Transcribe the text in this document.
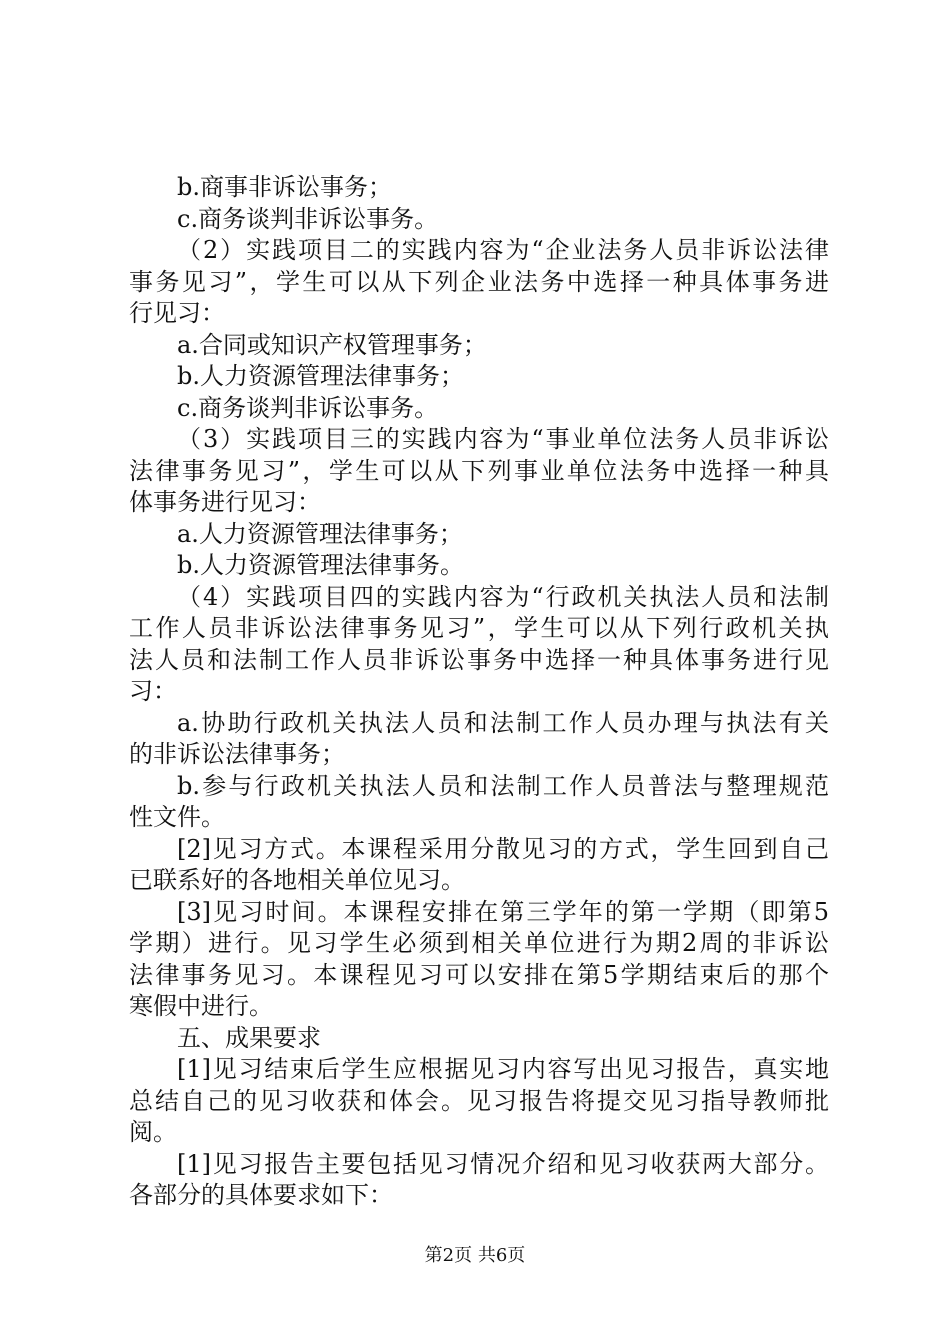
b.商事非诉讼事务；
c.商务谈判非诉讼事务。
（2）实践项目二的实践内容为“企业法务人员非诉讼法律
事务见习”，学生可以从下列企业法务中选择一种具体事务进
行见习：
a.合同或知识产权管理事务；
b.人力资源管理法律事务；
c.商务谈判非诉讼事务。
（3）实践项目三的实践内容为“事业单位法务人员非诉讼
法律事务见习”，学生可以从下列事业单位法务中选择一种具
体事务进行见习：
a.人力资源管理法律事务；
b.人力资源管理法律事务。
（4）实践项目四的实践内容为“行政机关执法人员和法制
工作人员非诉讼法律事务见习”，学生可以从下列行政机关执
法人员和法制工作人员非诉讼事务中选择一种具体事务进行见
习：
a.协助行政机关执法人员和法制工作人员办理与执法有关
的非诉讼法律事务；
b.参与行政机关执法人员和法制工作人员普法与整理规范
性文件。
[2]见习方式。本课程采用分散见习的方式，学生回到自己
已联系好的各地相关单位见习。
[3]见习时间。本课程安排在第三学年的第一学期（即第5
学期）进行。见习学生必须到相关单位进行为期2周的非诉讼
法律事务见习。本课程见习可以安排在第5学期结束后的那个
寒假中进行。
五、成果要求
[1]见习结束后学生应根据见习内容写出见习报告，真实地
总结自己的见习收获和体会。见习报告将提交见习指导教师批
阅。
[1]见习报告主要包括见习情况介绍和见习收获两大部分。
各部分的具体要求如下：
第2页 共6页
